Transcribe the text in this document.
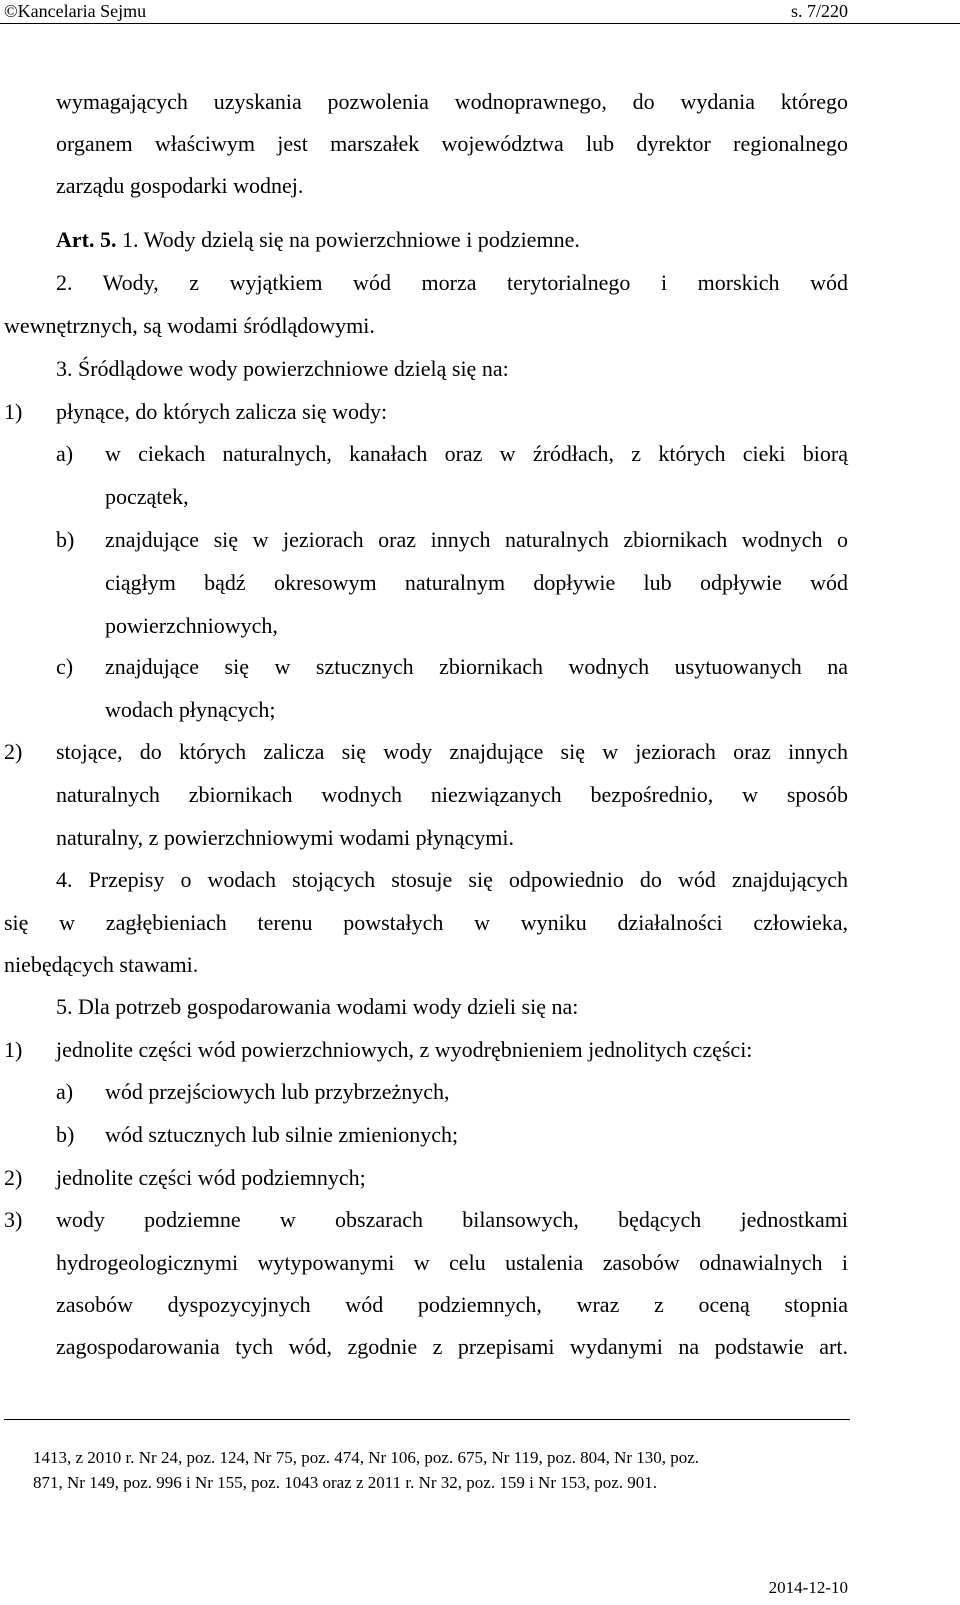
©Kancelaria Sejmu	s. 7/220
wymagających uzyskania pozwolenia wodnoprawnego, do wydania którego
organem właściwym jest marszałek województwa lub dyrektor regionalnego
zarządu gospodarki wodnej.
Art. 5. 1. Wody dzielą się na powierzchniowe i podziemne.
2. Wody, z wyjątkiem wód morza terytorialnego i morskich wód
wewnętrznych, są wodami śródlądowymi.
3. Śródlądowe wody powierzchniowe dzielą się na:
1) płynące, do których zalicza się wody:
a) w ciekach naturalnych, kanałach oraz w źródłach, z których cieki biorą
początek,
b) znajdujące się w jeziorach oraz innych naturalnych zbiornikach wodnych o
ciągłym bądź okresowym naturalnym dopływie lub odpływie wód
powierzchniowych,
c) znajdujące się w sztucznych zbiornikach wodnych usytuowanych na
wodach płynących;
2) stojące, do których zalicza się wody znajdujące się w jeziorach oraz innych
naturalnych zbiornikach wodnych niezwiązanych bezpośrednio, w sposób
naturalny, z powierzchniowymi wodami płynącymi.
4. Przepisy o wodach stojących stosuje się odpowiednio do wód znajdujących
się w zagłębieniach terenu powstałych w wyniku działalności człowieka,
niebędących stawami.
5. Dla potrzeb gospodarowania wodami wody dzieli się na:
1) jednolite części wód powierzchniowych, z wyodrębnieniem jednolitych części:
a) wód przejściowych lub przybrzeżnych,
b) wód sztucznych lub silnie zmienionych;
2) jednolite części wód podziemnych;
3) wody podziemne w obszarach bilansowych, będących jednostkami
hydrogeologicznymi wytypowanymi w celu ustalenia zasobów odnawialnych i
zasobów dyspozycyjnych wód podziemnych, wraz z oceną stopnia
zagospodarowania tych wód, zgodnie z przepisami wydanymi na podstawie art.
1413, z 2010 r. Nr 24, poz. 124, Nr 75, poz. 474, Nr 106, poz. 675, Nr 119, poz. 804, Nr 130, poz.
871, Nr 149, poz. 996 i Nr 155, poz. 1043 oraz z 2011 r. Nr 32, poz. 159 i Nr 153, poz. 901.
2014-12-10
